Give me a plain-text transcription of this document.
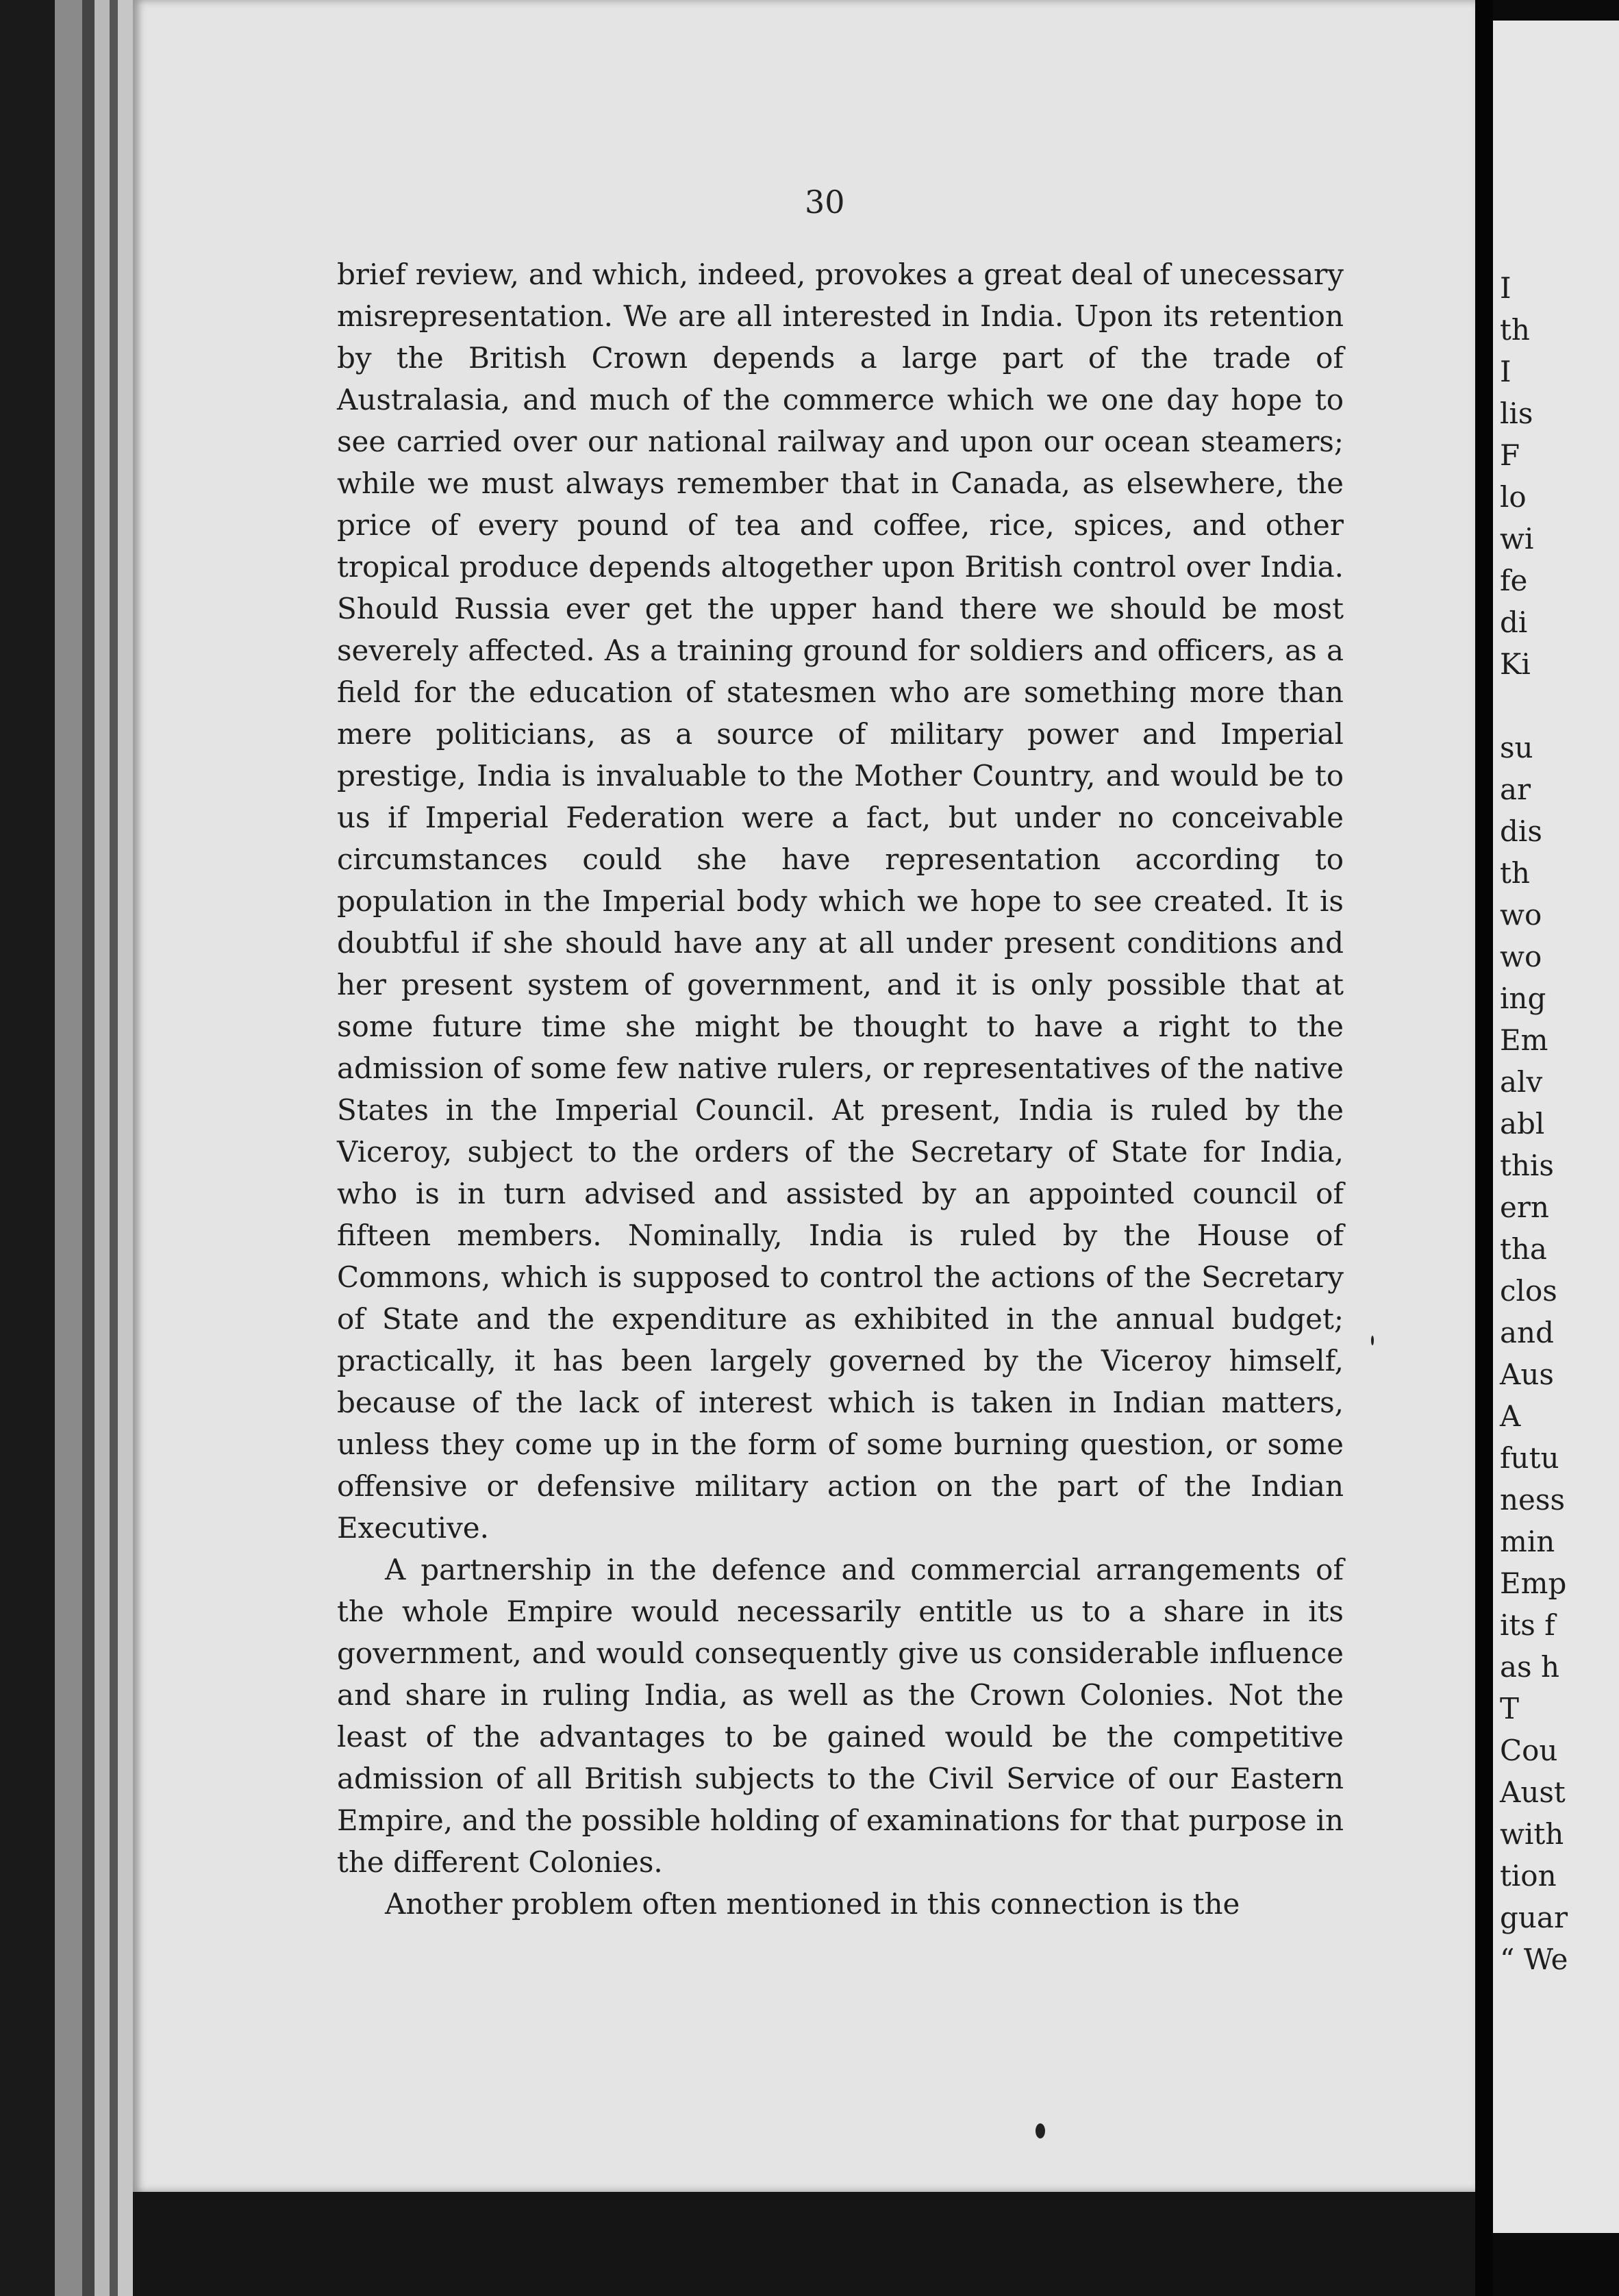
30

brief review, and which, indeed, provokes a great deal of unecessary misrepresentation. We are all interested in India. Upon its retention by the British Crown depends a large part of the trade of Australasia, and much of the commerce which we one day hope to see carried over our national railway and upon our ocean steamers; while we must always remember that in Canada, as elsewhere, the price of every pound of tea and coffee, rice, spices, and other tropical produce depends altogether upon British control over India. Should Russia ever get the upper hand there we should be most severely affected. As a training ground for soldiers and officers, as a field for the education of statesmen who are something more than mere politicians, as a source of military power and Imperial prestige, India is invaluable to the Mother Country, and would be to us if Imperial Federation were a fact, but under no conceivable circumstances could she have representation according to population in the Imperial body which we hope to see created. It is doubtful if she should have any at all under present conditions and her present system of government, and it is only possible that at some future time she might be thought to have a right to the admission of some few native rulers, or representatives of the native States in the Imperial Council. At present, India is ruled by the Viceroy, subject to the orders of the Secretary of State for India, who is in turn advised and assisted by an appointed council of fifteen members. Nominally, India is ruled by the House of Commons, which is supposed to control the actions of the Secretary of State and the expenditure as exhibited in the annual budget; practically, it has been largely governed by the Viceroy himself, because of the lack of interest which is taken in Indian matters, unless they come up in the form of some burning question, or some offensive or defensive military action on the part of the Indian Executive.

A partnership in the defence and commercial arrangements of the whole Empire would necessarily entitle us to a share in its government, and would consequently give us considerable influence and share in ruling India, as well as the Crown Colonies. Not the least of the advantages to be gained would be the competitive admission of all British subjects to the Civil Service of our Eastern Empire, and the possible holding of examinations for that purpose in the different Colonies.

Another problem often mentioned in this connection is the

I
th
I
lis
F
lo
wi
fe
di
Ki
su
ar
dis
th
wo
wo
ing
Em
alv
abl
this
ern
tha
clos
and
Aus
A
futu
ness
min
Emp
its f
as h
T
Cou
Aust
with
tion
guar
“ We
